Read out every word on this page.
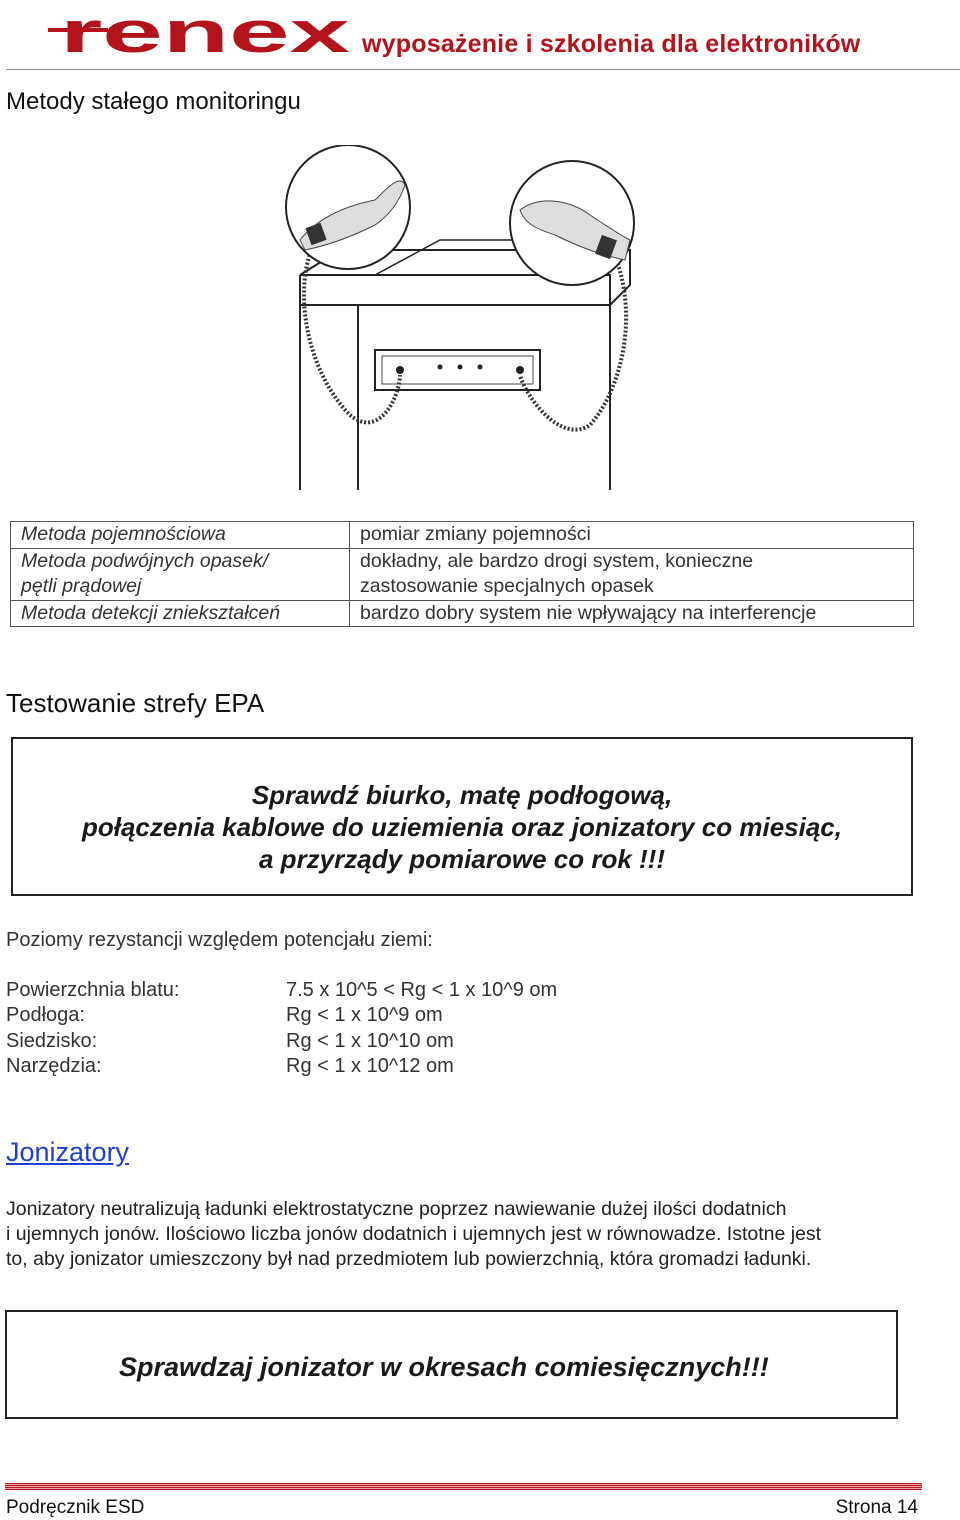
renex wyposażenie i szkolenia dla elektroników
Metody stałego monitoringu
Metoda pojemnościowa	pomiar zmiany pojemności

Metoda podwójnych opasek/
pętli prądowej	dokładny, ale bardzo drogi system, konieczne
zastosowanie specjalnych opasek

Metoda detekcji zniekształceń	bardzo dobry system nie wpływający na interferencje
Testowanie strefy EPA
Sprawdź biurko, matę podłogową,
połączenia kablowe do uziemienia oraz jonizatory co miesiąc,
a przyrządy pomiarowe co rok !!!
Poziomy rezystancji względem potencjału ziemi:
Powierzchnia blatu:	7.5 x 10^5 < Rg < 1 x 10^9 om
Podłoga:	Rg < 1 x 10^9 om
Siedzisko:	Rg < 1 x 10^10 om
Narzędzia:	Rg < 1 x 10^12 om
Jonizatory
Jonizatory neutralizują ładunki elektrostatyczne poprzez nawiewanie dużej ilości dodatnich
i ujemnych jonów. Ilościowo liczba jonów dodatnich i ujemnych jest w równowadze. Istotne jest
to, aby jonizator umieszczony był nad przedmiotem lub powierzchnią, która gromadzi ładunki.
Sprawdzaj jonizator w okresach comiesięcznych!!!
Podręcznik ESD	Strona 14
